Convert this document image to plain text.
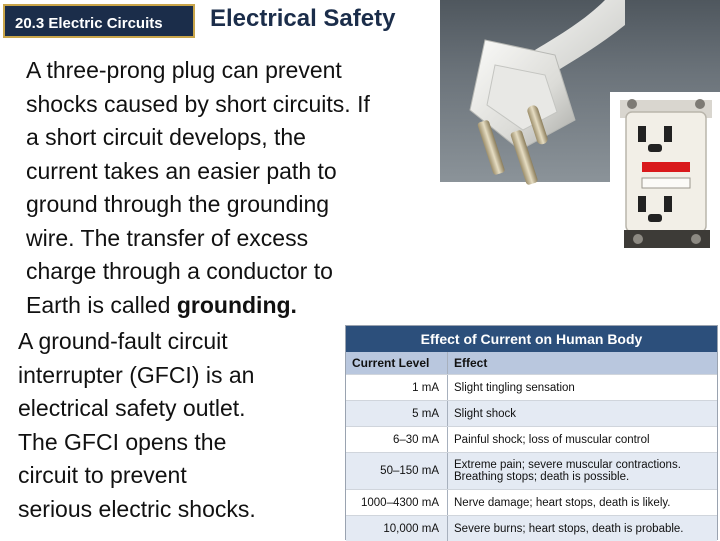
20.3 Electric Circuits Electrical Safety
A three-prong plug can prevent
shocks caused by short circuits. If
a short circuit develops, the
current takes an easier path to
ground through the grounding
wire. The transfer of excess
charge through a conductor to
Earth is called grounding.
A ground-fault circuit
interrupter (GFCI) is an
electrical safety outlet.
The GFCI opens the
circuit to prevent
serious electric shocks.
Effect of Current on Human Body
Current Level	Effect
1 mA	Slight tingling sensation
5 mA	Slight shock
6–30 mA	Painful shock; loss of muscular control
50–150 mA	Extreme pain; severe muscular contractions.
Breathing stops; death is possible.
1000–4300 mA	Nerve damage; heart stops, death is likely.
10,000 mA	Severe burns; heart stops, death is probable.
